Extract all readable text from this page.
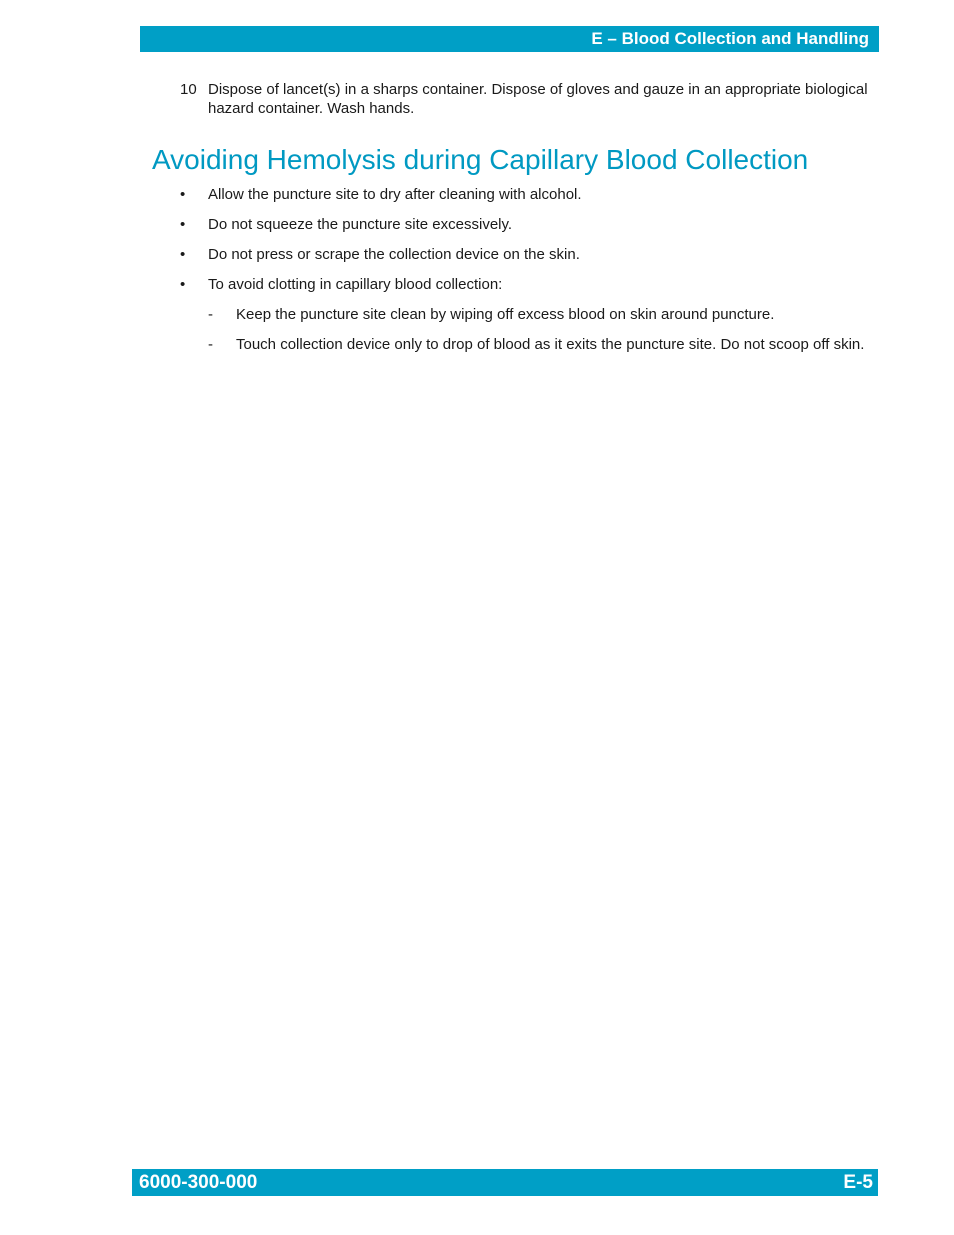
E – Blood Collection and Handling
10 Dispose of lancet(s) in a sharps container. Dispose of gloves and gauze in an appropriate biological hazard container. Wash hands.
Avoiding Hemolysis during Capillary Blood Collection
• Allow the puncture site to dry after cleaning with alcohol.
• Do not squeeze the puncture site excessively.
• Do not press or scrape the collection device on the skin.
• To avoid clotting in capillary blood collection:
- Keep the puncture site clean by wiping off excess blood on skin around puncture.
- Touch collection device only to drop of blood as it exits the puncture site. Do not scoop off skin.
6000-300-000	E-5
